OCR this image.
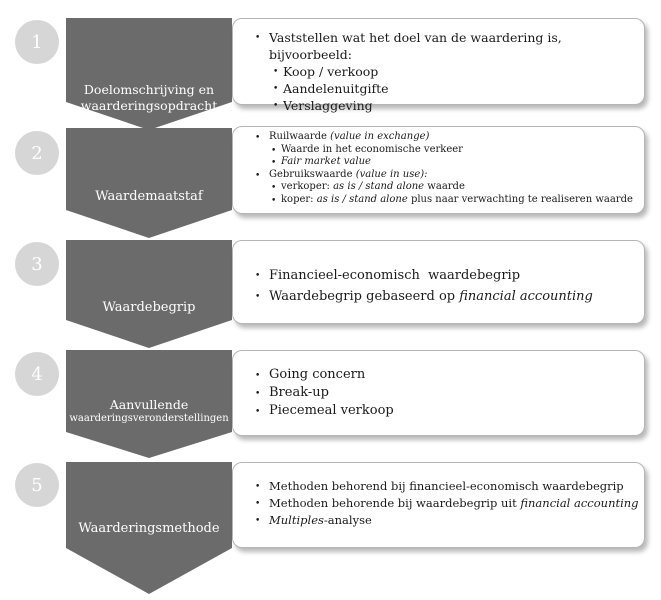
1
Doelomschrijving en
waarderingsopdracht
• Vaststellen wat het doel van de waardering is, bijvoorbeeld:
• Koop / verkoop
• Aandelenuitgifte
• Verslaggeving
2
Waardemaatstaf
• Ruilwaarde (value in exchange)
• Waarde in het economische verkeer
• Fair market value
• Gebruikswaarde (value in use):
• verkoper: as is / stand alone waarde
• koper: as is / stand alone plus naar verwachting te realiseren waarde
3
Waardebegrip
• Financieel-economisch  waardebegrip
• Waardebegrip gebaseerd op financial accounting
4
Aanvullende
waarderingsveronderstellingen
• Going concern
• Break-up
• Piecemeal verkoop
5
Waarderingsmethode
• Methoden behorend bij financieel-economisch waardebegrip
• Methoden behorende bij waardebegrip uit financial accounting
• Multiples-analyse
